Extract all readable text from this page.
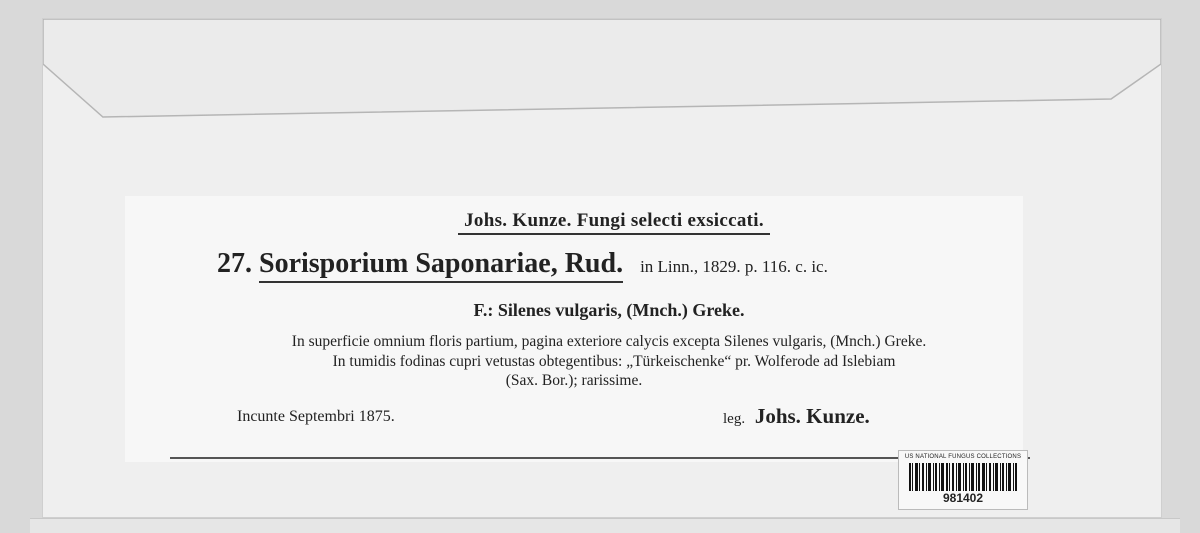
Johs. Kunze. Fungi selecti exsiccati.
27. Sorisporium Saponariae, Rud. in Linn., 1829. p. 116. c. ic.
F.: Silenes vulgaris, (Mnch.) Greke.
In superficie omnium floris partium, pagina exteriore calycis excepta Silenes vulgaris, (Mnch.) Greke.
In tumidis fodinas cupri vetustas obtegentibus: „Türkeischenke“ pr. Wolferode ad Islebiam
(Sax. Bor.); rarissime.
Incunte Septembri 1875.	leg. Johs. Kunze.
US NATIONAL FUNGUS COLLECTIONS
981402
